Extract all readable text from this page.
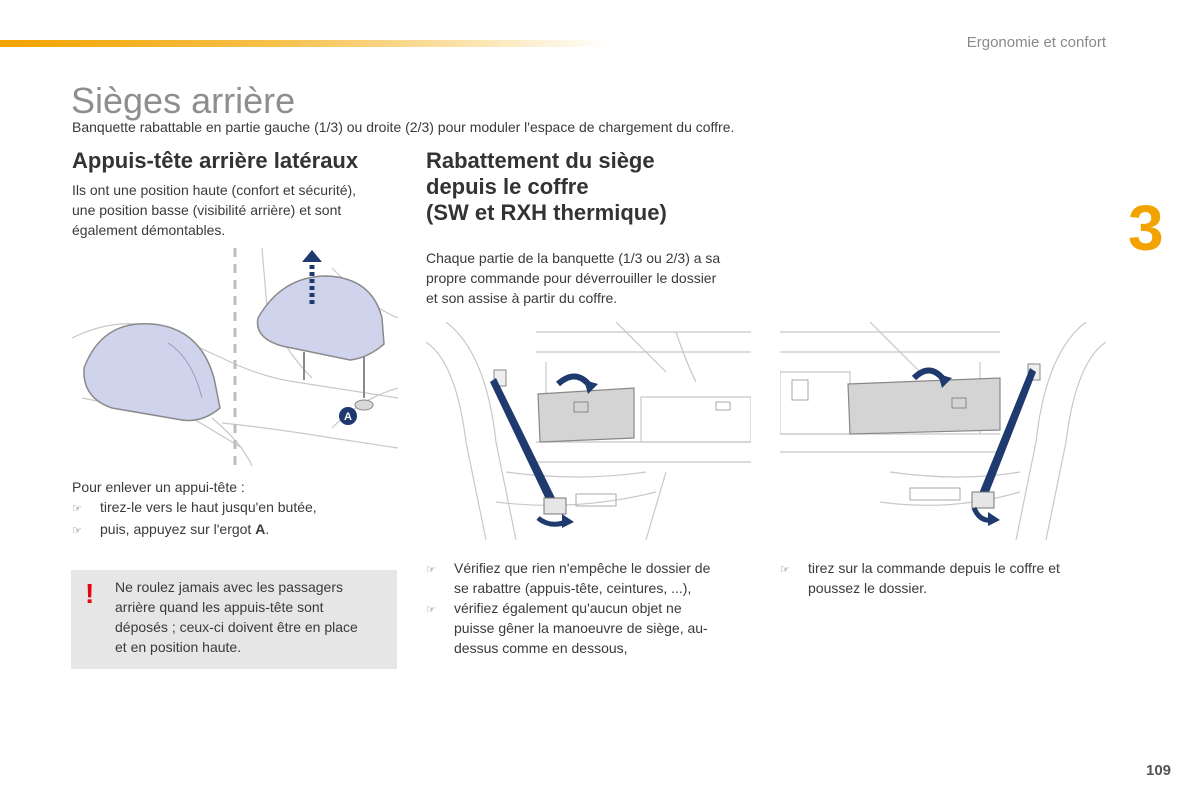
Ergonomie et confort
3
Sièges arrière
Banquette rabattable en partie gauche (1/3) ou droite (2/3) pour moduler l'espace de chargement du coffre.
Appuis-tête arrière latéraux
Ils ont une position haute (confort et sécurité),
une position basse (visibilité arrière) et sont
également démontables.
A
Pour enlever un appui-tête :
☞	tirez-le vers le haut jusqu'en butée,
☞	puis, appuyez sur l'ergot A.
! Ne roulez jamais avec les passagers
arrière quand les appuis-tête sont
déposés ; ceux-ci doivent être en place
et en position haute.
Rabattement du siège
depuis le coffre
(SW et RXH thermique)
Chaque partie de la banquette (1/3 ou 2/3) a sa
propre commande pour déverrouiller le dossier
et son assise à partir du coffre.
☞	Vérifiez que rien n'empêche le dossier de
se rabattre (appuis-tête, ceintures, ...),
☞	vérifiez également qu'aucun objet ne
puisse gêner la manoeuvre de siège, au-
dessus comme en dessous,
☞	tirez sur la commande depuis le coffre et
poussez le dossier.
109
